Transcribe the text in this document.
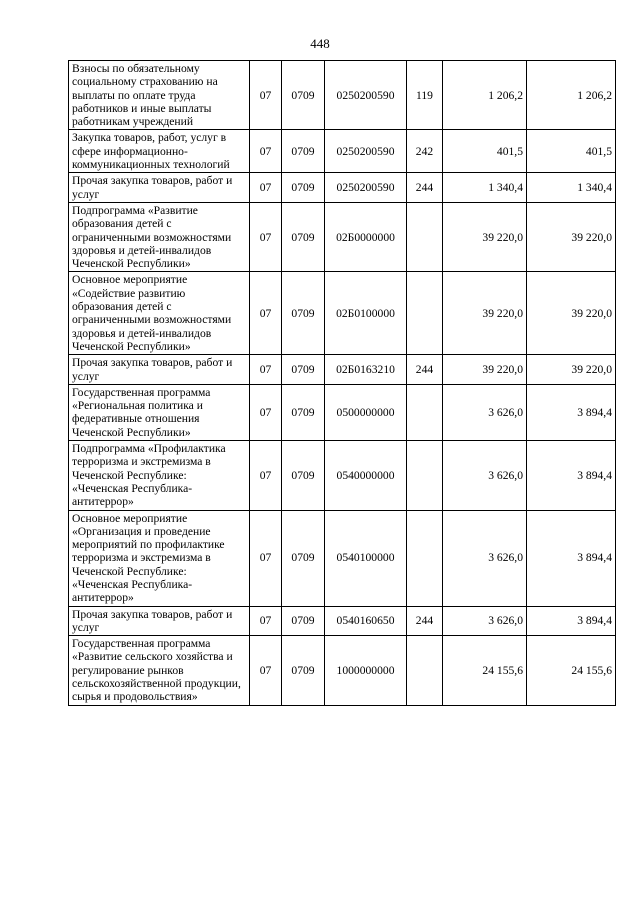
448
Взносы по обязательному социальному страхованию на выплаты по оплате труда работников и иные выплаты работникам учреждений	07	0709	0250200590	119	1 206,2	1 206,2
Закупка товаров, работ, услуг в сфере информационно-коммуникационных технологий	07	0709	0250200590	242	401,5	401,5
Прочая закупка товаров, работ и услуг	07	0709	0250200590	244	1 340,4	1 340,4
Подпрограмма «Развитие образования детей с ограниченными возможностями здоровья и детей-инвалидов Чеченской Республики»	07	0709	02Б0000000		39 220,0	39 220,0
Основное мероприятие «Содействие развитию образования детей с ограниченными возможностями здоровья и детей-инвалидов Чеченской Республики»	07	0709	02Б0100000		39 220,0	39 220,0
Прочая закупка товаров, работ и услуг	07	0709	02Б0163210	244	39 220,0	39 220,0
Государственная программа «Региональная политика и федеративные отношения Чеченской Республики»	07	0709	0500000000		3 626,0	3 894,4
Подпрограмма «Профилактика терроризма и экстремизма в Чеченской Республике: «Чеченская Республика-антитеррор»	07	0709	0540000000		3 626,0	3 894,4
Основное мероприятие «Организация и проведение мероприятий по профилактике терроризма и экстремизма в Чеченской Республике: «Чеченская Республика-антитеррор»	07	0709	0540100000		3 626,0	3 894,4
Прочая закупка товаров, работ и услуг	07	0709	0540160650	244	3 626,0	3 894,4
Государственная программа «Развитие сельского хозяйства и регулирование рынков сельскохозяйственной продукции, сырья и продовольствия»	07	0709	1000000000		24 155,6	24 155,6
